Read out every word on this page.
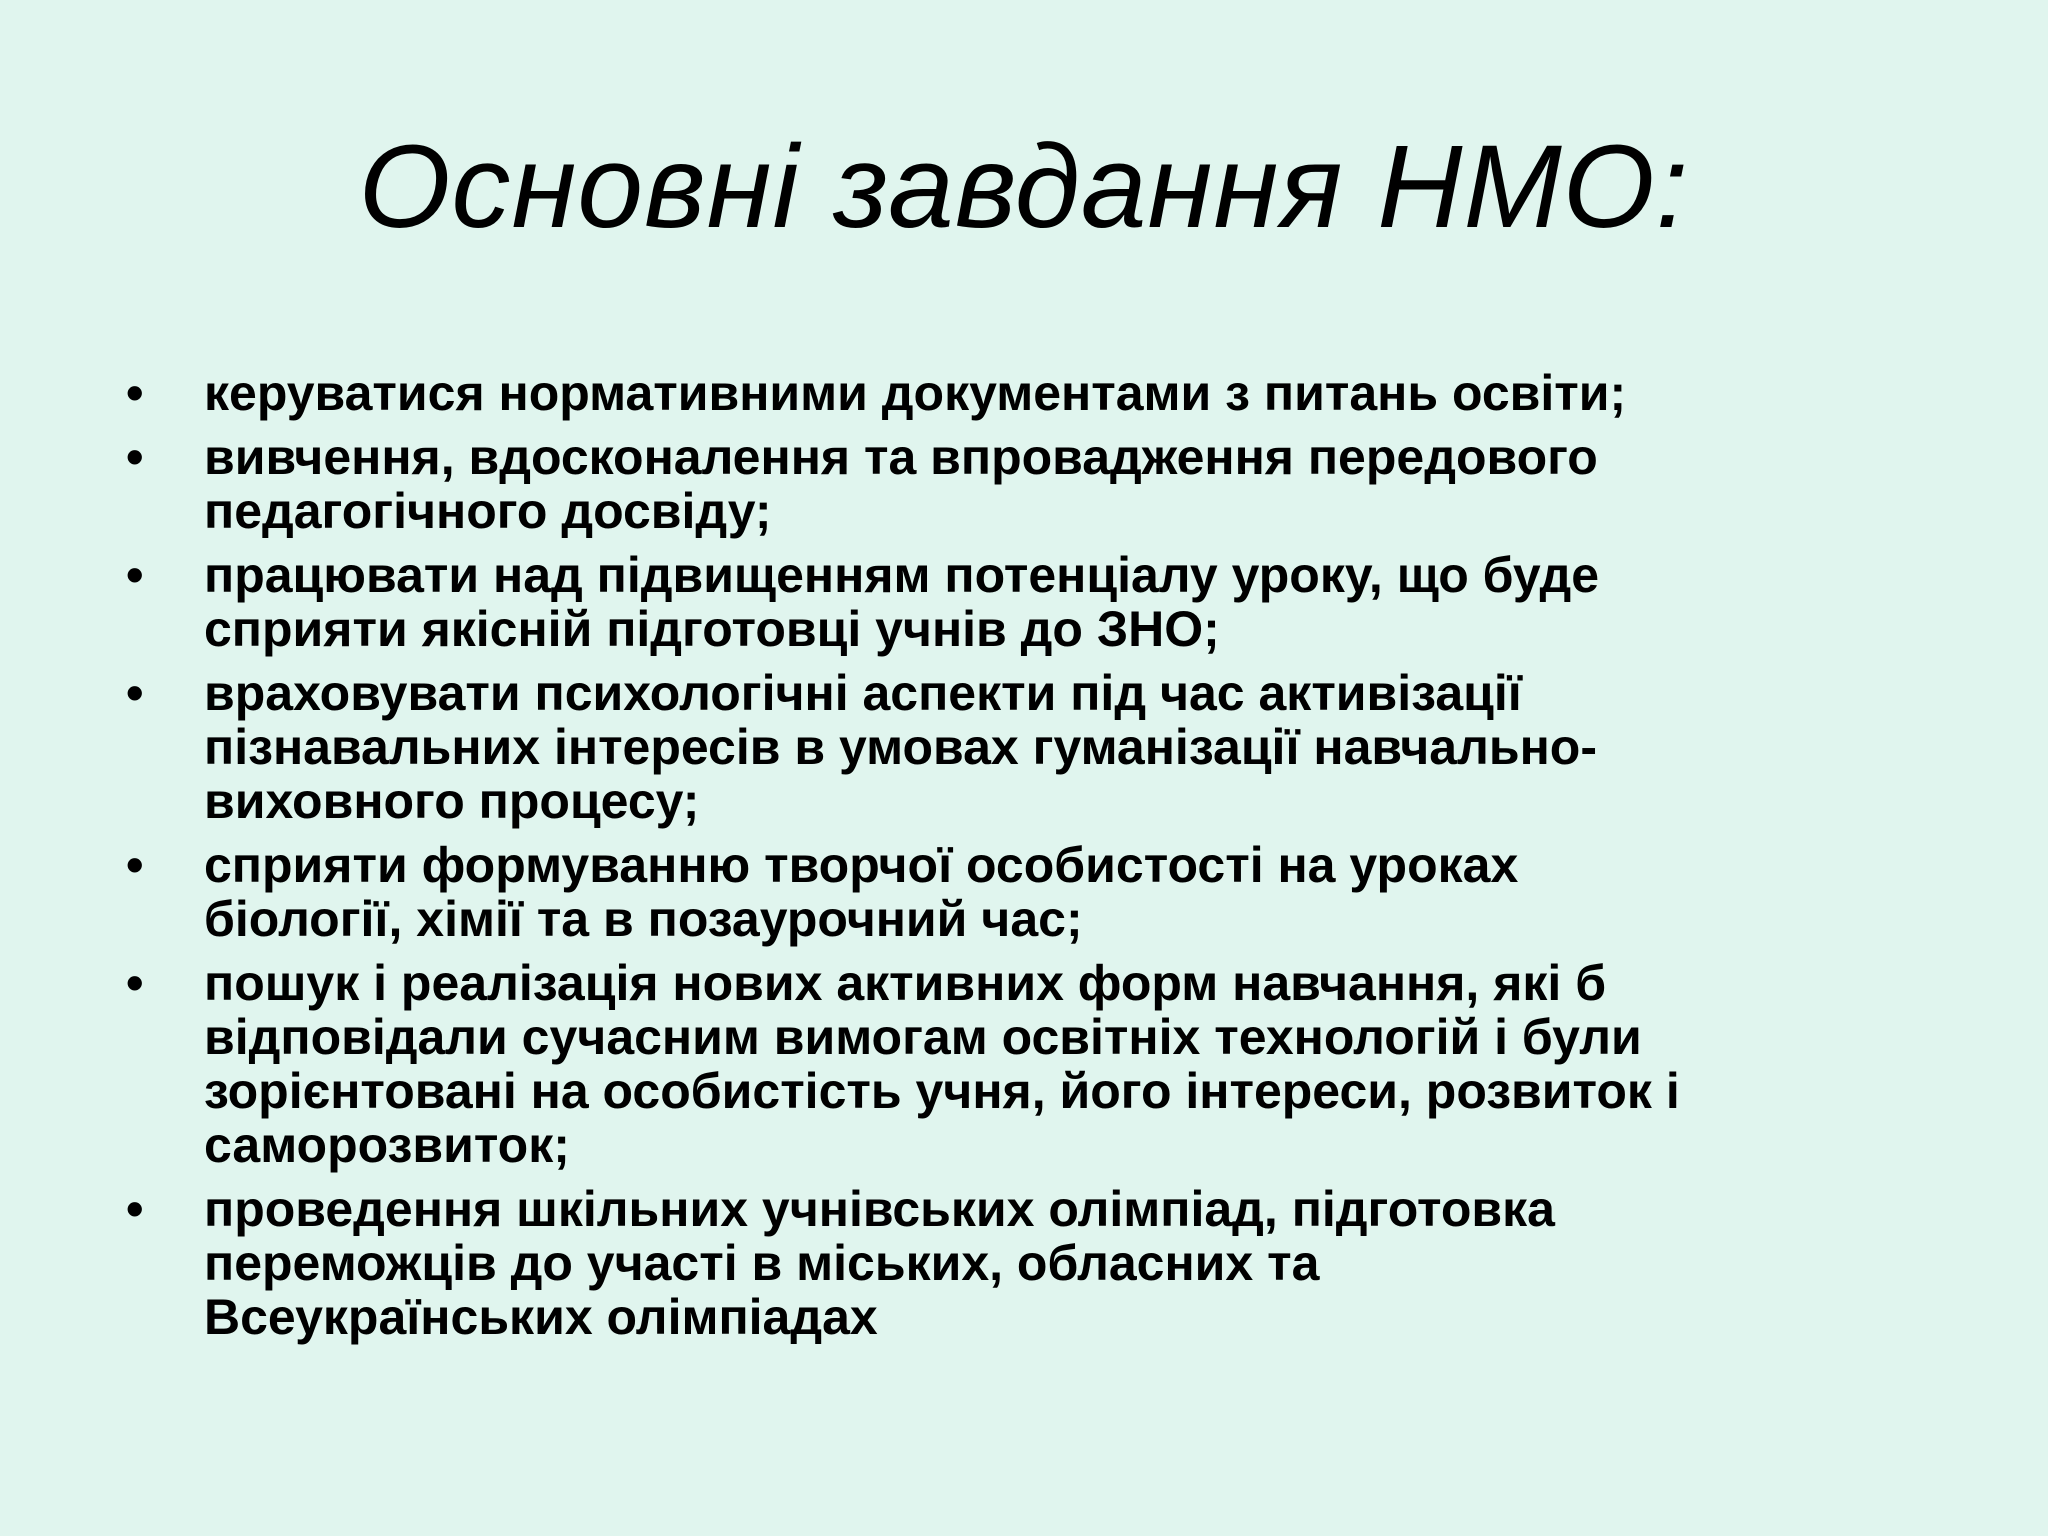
Основні завдання НМО:
• керуватися нормативними документами з питань освіти;
• вивчення, вдосконалення та впровадження передового
педагогічного досвіду;
• працювати над підвищенням потенціалу уроку, що буде
сприяти якісній підготовці учнів до ЗНО;
• враховувати психологічні аспекти під час активізації
пізнавальних інтересів в умовах гуманізації навчально-
виховного процесу;
• сприяти формуванню творчої особистості на уроках
біології, хімії та в позаурочний час;
• пошук і реалізація нових активних форм навчання, які б
відповідали сучасним вимогам освітніх технологій і були
зорієнтовані на особистість учня, його інтереси, розвиток і
саморозвиток;
• проведення шкільних учнівських олімпіад, підготовка
переможців до участі в міських, обласних та
Всеукраїнських олімпіадах
